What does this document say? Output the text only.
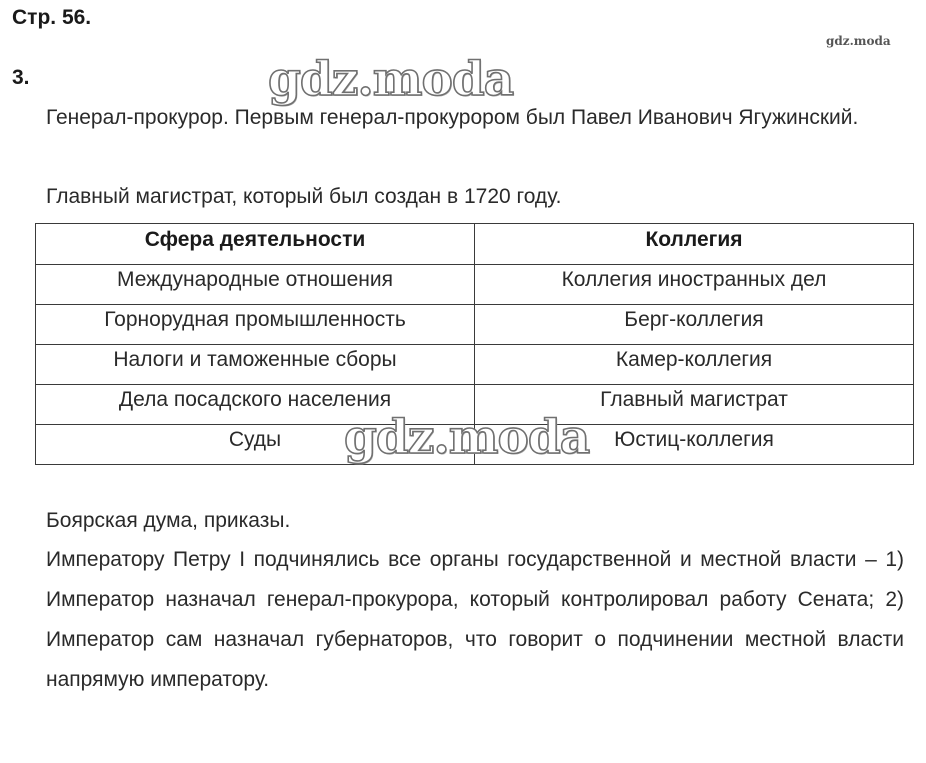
Стр. 56.
3.
gdz.moda

Генерал-прокурор. Первым генерал-прокурором был Павел Иванович Ягужинский.

Главный магистрат, который был создан в 1720 году.

Сфера деятельности	Коллегия
Международные отношения	Коллегия иностранных дел
Горнорудная промышленность	Берг-коллегия
Налоги и таможенные сборы	Камер-коллегия
Дела посадского населения	Главный магистрат
Суды	Юстиц-коллегия

Боярская дума, приказы.

Императору Петру I подчинялись все органы государственной и местной власти – 1) Император назначал генерал-прокурора, который контролировал работу Сената; 2) Император сам назначал губернаторов, что говорит о подчинении местной власти напрямую императору.

gdz.moda
gdz.moda
